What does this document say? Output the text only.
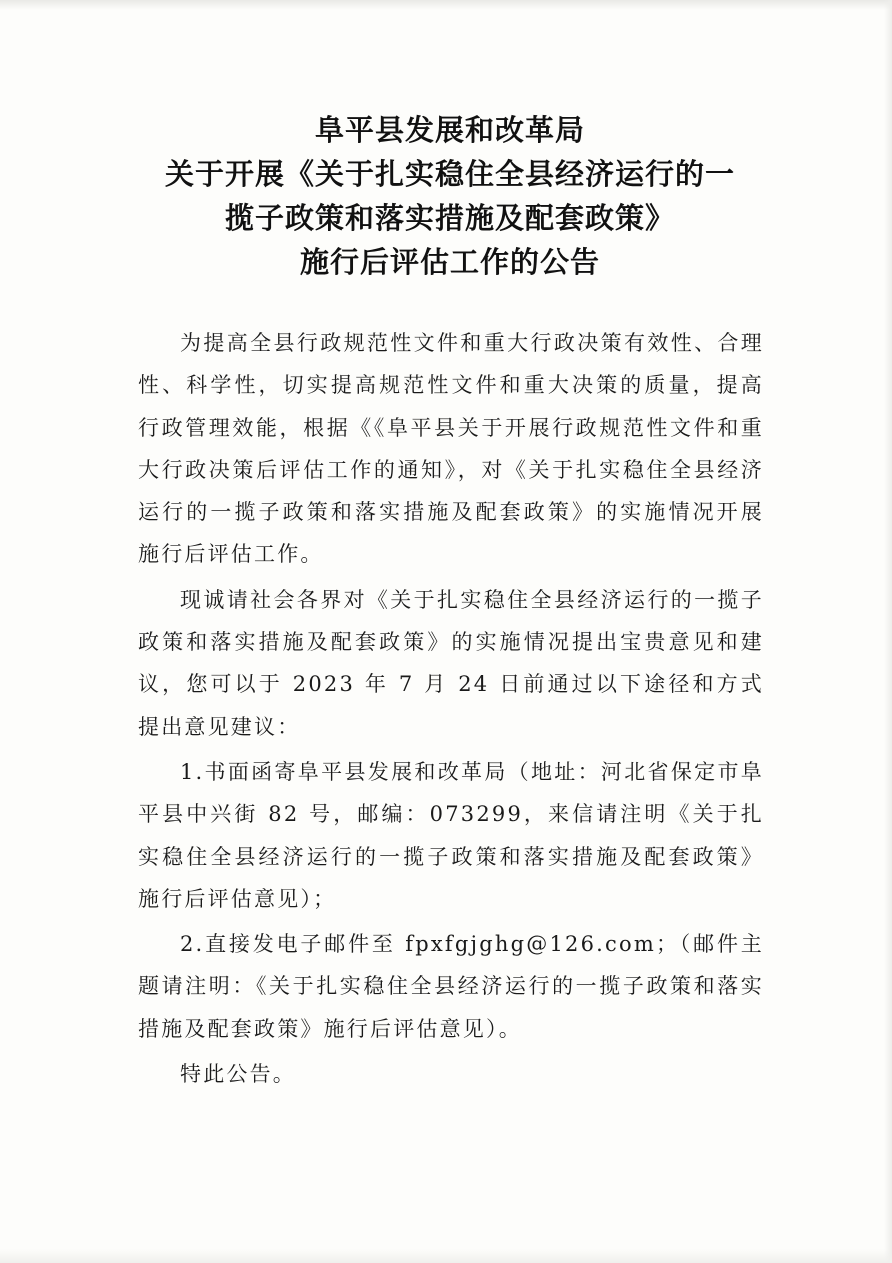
阜平县发展和改革局
关于开展《关于扎实稳住全县经济运行的一
揽子政策和落实措施及配套政策》
施行后评估工作的公告

为提高全县行政规范性文件和重大行政决策有效性、合理性、科学性，切实提高规范性文件和重大决策的质量，提高行政管理效能，根据《《阜平县关于开展行政规范性文件和重大行政决策后评估工作的通知》，对《关于扎实稳住全县经济运行的一揽子政策和落实措施及配套政策》的实施情况开展施行后评估工作。

现诚请社会各界对《关于扎实稳住全县经济运行的一揽子政策和落实措施及配套政策》的实施情况提出宝贵意见和建议，您可以于 2023 年 7 月 24 日前通过以下途径和方式提出意见建议：

1.书面函寄阜平县发展和改革局（地址：河北省保定市阜平县中兴街 82 号，邮编：073299，来信请注明《关于扎实稳住全县经济运行的一揽子政策和落实措施及配套政策》施行后评估意见）；

2.直接发电子邮件至 fpxfgjghg@126.com；（邮件主题请注明：《关于扎实稳住全县经济运行的一揽子政策和落实措施及配套政策》施行后评估意见）。

特此公告。
